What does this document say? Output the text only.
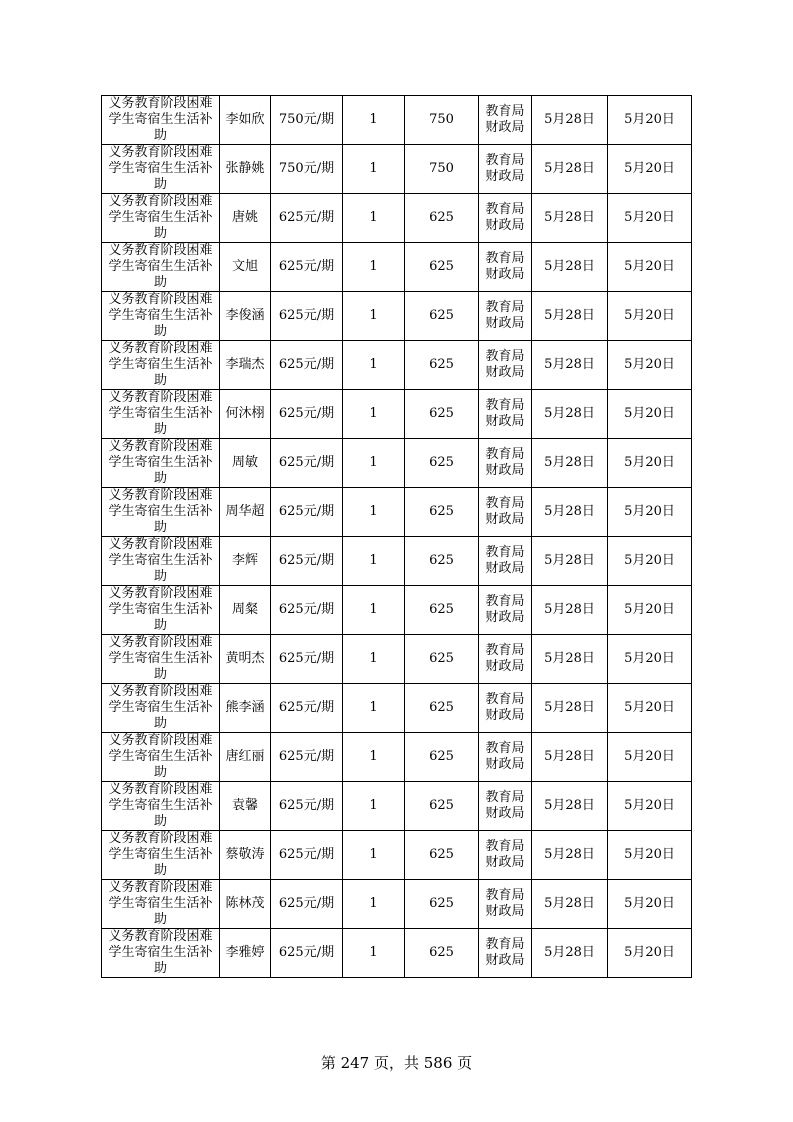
义务教育阶段困难
学生寄宿生生活补
助	李如欣	750元/期	1	750	教育局
财政局	5月28日	5月20日

义务教育阶段困难
学生寄宿生生活补
助	张静姚	750元/期	1	750	教育局
财政局	5月28日	5月20日

义务教育阶段困难
学生寄宿生生活补
助	唐姚	625元/期	1	625	教育局
财政局	5月28日	5月20日

义务教育阶段困难
学生寄宿生生活补
助	文旭	625元/期	1	625	教育局
财政局	5月28日	5月20日

义务教育阶段困难
学生寄宿生生活补
助	李俊涵	625元/期	1	625	教育局
财政局	5月28日	5月20日

义务教育阶段困难
学生寄宿生生活补
助	李瑞杰	625元/期	1	625	教育局
财政局	5月28日	5月20日

义务教育阶段困难
学生寄宿生生活补
助	何沐栩	625元/期	1	625	教育局
财政局	5月28日	5月20日

义务教育阶段困难
学生寄宿生生活补
助	周敏	625元/期	1	625	教育局
财政局	5月28日	5月20日

义务教育阶段困难
学生寄宿生生活补
助	周华超	625元/期	1	625	教育局
财政局	5月28日	5月20日

义务教育阶段困难
学生寄宿生生活补
助	李辉	625元/期	1	625	教育局
财政局	5月28日	5月20日

义务教育阶段困难
学生寄宿生生活补
助	周粲	625元/期	1	625	教育局
财政局	5月28日	5月20日

义务教育阶段困难
学生寄宿生生活补
助	黄明杰	625元/期	1	625	教育局
财政局	5月28日	5月20日

义务教育阶段困难
学生寄宿生生活补
助	熊李涵	625元/期	1	625	教育局
财政局	5月28日	5月20日

义务教育阶段困难
学生寄宿生生活补
助	唐红丽	625元/期	1	625	教育局
财政局	5月28日	5月20日

义务教育阶段困难
学生寄宿生生活补
助	袁馨	625元/期	1	625	教育局
财政局	5月28日	5月20日

义务教育阶段困难
学生寄宿生生活补
助	蔡敬涛	625元/期	1	625	教育局
财政局	5月28日	5月20日

义务教育阶段困难
学生寄宿生生活补
助	陈林茂	625元/期	1	625	教育局
财政局	5月28日	5月20日

义务教育阶段困难
学生寄宿生生活补
助	李雅婷	625元/期	1	625	教育局
财政局	5月28日	5月20日
第 247 页，共 586 页
